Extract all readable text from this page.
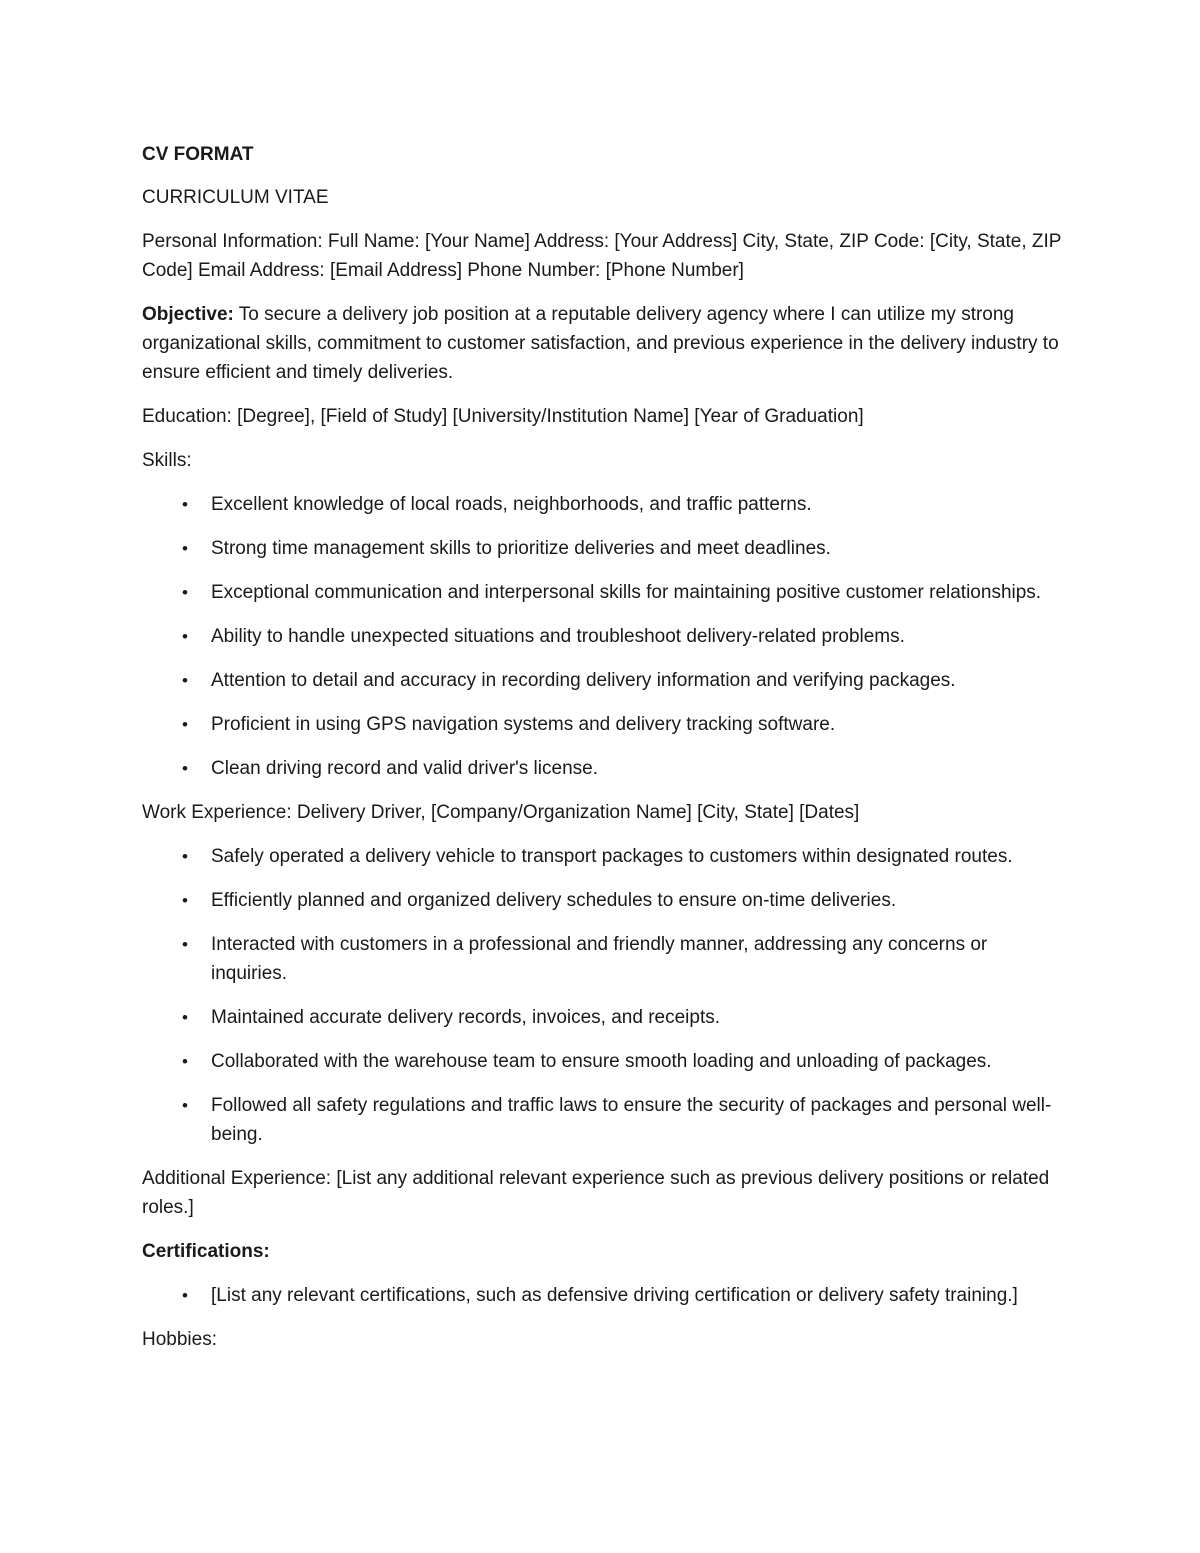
CV FORMAT

CURRICULUM VITAE

Personal Information: Full Name: [Your Name] Address: [Your Address] City, State, ZIP Code: [City, State, ZIP Code] Email Address: [Email Address] Phone Number: [Phone Number]

Objective: To secure a delivery job position at a reputable delivery agency where I can utilize my strong organizational skills, commitment to customer satisfaction, and previous experience in the delivery industry to ensure efficient and timely deliveries.

Education: [Degree], [Field of Study] [University/Institution Name] [Year of Graduation]

Skills:

•	Excellent knowledge of local roads, neighborhoods, and traffic patterns.
•	Strong time management skills to prioritize deliveries and meet deadlines.
•	Exceptional communication and interpersonal skills for maintaining positive customer relationships.
•	Ability to handle unexpected situations and troubleshoot delivery-related problems.
•	Attention to detail and accuracy in recording delivery information and verifying packages.
•	Proficient in using GPS navigation systems and delivery tracking software.
•	Clean driving record and valid driver's license.

Work Experience: Delivery Driver, [Company/Organization Name] [City, State] [Dates]

•	Safely operated a delivery vehicle to transport packages to customers within designated routes.
•	Efficiently planned and organized delivery schedules to ensure on-time deliveries.
•	Interacted with customers in a professional and friendly manner, addressing any concerns or inquiries.
•	Maintained accurate delivery records, invoices, and receipts.
•	Collaborated with the warehouse team to ensure smooth loading and unloading of packages.
•	Followed all safety regulations and traffic laws to ensure the security of packages and personal well-being.

Additional Experience: [List any additional relevant experience such as previous delivery positions or related roles.]

Certifications:

•	[List any relevant certifications, such as defensive driving certification or delivery safety training.]

Hobbies:
